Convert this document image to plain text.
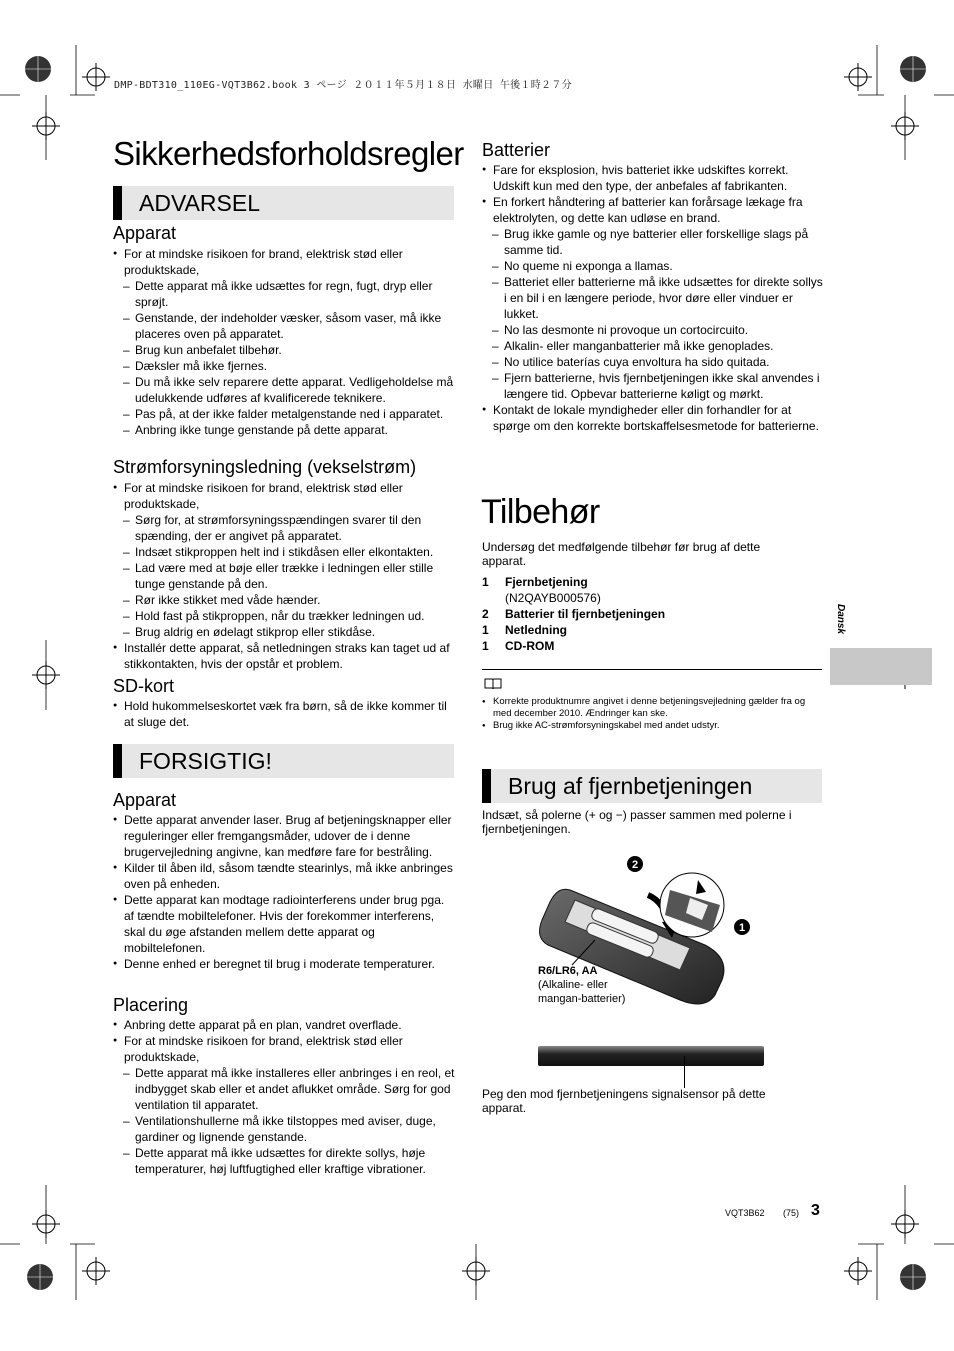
DMP-BDT310_110EG-VQT3B62.book 3 ページ ２０１１年５月１８日 水曜日 午後１時２７分
Dansk
Sikkerhedsforholdsregler
ADVARSEL
Apparat
● For at mindske risikoen for brand, elektrisk stød eller produktskade,
– Dette apparat må ikke udsættes for regn, fugt, dryp eller sprøjt.
– Genstande, der indeholder væsker, såsom vaser, må ikke placeres oven på apparatet.
– Brug kun anbefalet tilbehør.
– Dæksler må ikke fjernes.
– Du må ikke selv reparere dette apparat. Vedligeholdelse må udelukkende udføres af kvalificerede teknikere.
– Pas på, at der ikke falder metalgenstande ned i apparatet.
– Anbring ikke tunge genstande på dette apparat.
Strømforsyningsledning (vekselstrøm)
● For at mindske risikoen for brand, elektrisk stød eller produktskade,
– Sørg for, at strømforsyningsspændingen svarer til den spænding, der er angivet på apparatet.
– Indsæt stikproppen helt ind i stikdåsen eller elkontakten.
– Lad være med at bøje eller trække i ledningen eller stille tunge genstande på den.
– Rør ikke stikket med våde hænder.
– Hold fast på stikproppen, når du trækker ledningen ud.
– Brug aldrig en ødelagt stikprop eller stikdåse.
● Installér dette apparat, så netledningen straks kan taget ud af stikkontakten, hvis der opstår et problem.
SD-kort
● Hold hukommelseskortet væk fra børn, så de ikke kommer til at sluge det.
FORSIGTIG!
Apparat
● Dette apparat anvender laser. Brug af betjeningsknapper eller reguleringer eller fremgangsmåder, udover de i denne brugervejledning angivne, kan medføre fare for bestråling.
● Kilder til åben ild, såsom tændte stearinlys, må ikke anbringes oven på enheden.
● Dette apparat kan modtage radiointerferens under brug pga. af tændte mobiltelefoner. Hvis der forekommer interferens, skal du øge afstanden mellem dette apparat og mobiltelefonen.
● Denne enhed er beregnet til brug i moderate temperaturer.
Placering
● Anbring dette apparat på en plan, vandret overflade.
● For at mindske risikoen for brand, elektrisk stød eller produktskade,
– Dette apparat må ikke installeres eller anbringes i en reol, et indbygget skab eller et andet aflukket område. Sørg for god ventilation til apparatet.
– Ventilationshullerne må ikke tilstoppes med aviser, duge, gardiner og lignende genstande.
– Dette apparat må ikke udsættes for direkte sollys, høje temperaturer, høj luftfugtighed eller kraftige vibrationer.
Batterier
● Fare for eksplosion, hvis batteriet ikke udskiftes korrekt. Udskift kun med den type, der anbefales af fabrikanten.
● En forkert håndtering af batterier kan forårsage lækage fra elektrolyten, og dette kan udløse en brand.
– Brug ikke gamle og nye batterier eller forskellige slags på samme tid.
– No queme ni exponga a llamas.
– Batteriet eller batterierne må ikke udsættes for direkte sollys i en bil i en længere periode, hvor døre eller vinduer er lukket.
– No las desmonte ni provoque un cortocircuito.
– Alkalin- eller manganbatterier må ikke genoplades.
– No utilice baterías cuya envoltura ha sido quitada.
– Fjern batterierne, hvis fjernbetjeningen ikke skal anvendes i længere tid. Opbevar batterierne køligt og mørkt.
● Kontakt de lokale myndigheder eller din forhandler for at spørge om den korrekte bortskaffelsesmetode for batterierne.
Tilbehør
Undersøg det medfølgende tilbehør før brug af dette apparat.
1 Fjernbetjening
(N2QAYB000576)
2 Batterier til fjernbetjeningen
1 Netledning
1 CD-ROM
● Korrekte produktnumre angivet i denne betjeningsvejledning gælder fra og med december 2010. Ændringer kan ske.
● Brug ikke AC-strømforsyningskabel med andet udstyr.
Brug af fjernbetjeningen
Indsæt, så polerne (+ og −) passer sammen med polerne i fjernbetjeningen.
2
1
R6/LR6, AA
(Alkaline- eller
mangan-batterier)
Peg den mod fjernbetjeningens signalsensor på dette apparat.
VQT3B62 (75) 3
